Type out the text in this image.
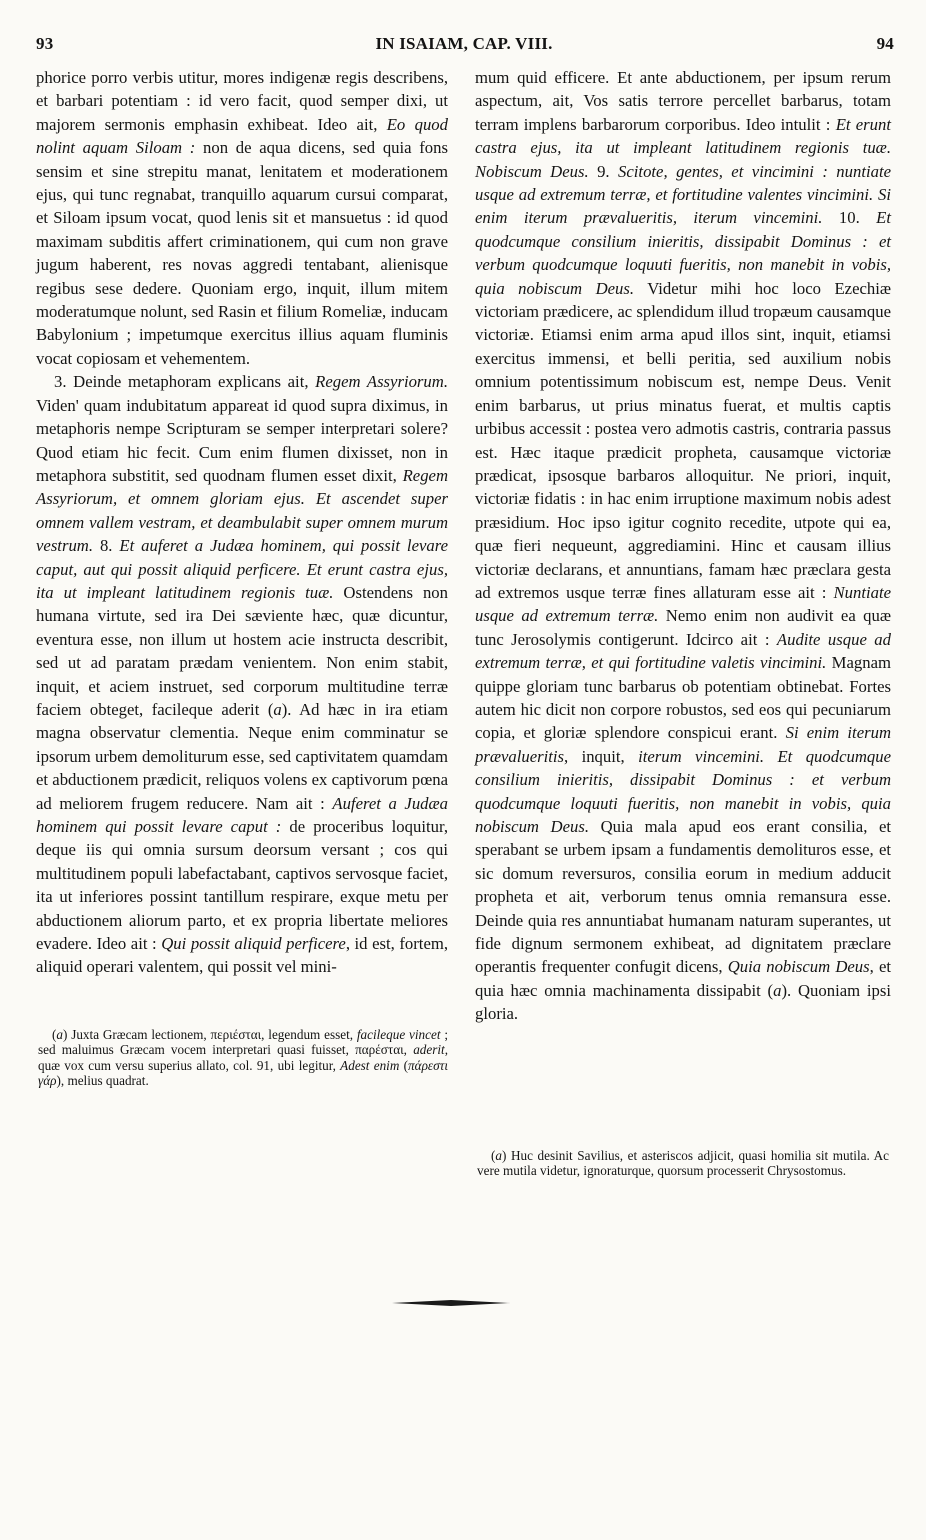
93	IN ISAIAM, CAP. VIII.	94

phorice porro verbis utitur, mores indigenæ regis describens, et barbari potentiam : id vero facit, quod semper dixi, ut majorem sermonis emphasin exhibeat. Ideo ait, Eo quod nolint aquam Siloam : non de aqua dicens, sed quia fons sensim et sine strepitu manat, lenitatem et moderationem ejus, qui tunc regnabat, tranquillo aquarum cursui comparat, et Siloam ipsum vocat, quod lenis sit et mansuetus : id quod maximam subditis affert criminationem, qui cum non grave jugum haberent, res novas aggredi tentabant, alienisque regibus sese dedere. Quoniam ergo, inquit, illum mitem moderatumque nolunt, sed Rasin et filium Romeliæ, inducam Babylonium ; impetumque exercitus illius aquam fluminis vocat copiosam et vehementem.

3. Deinde metaphoram explicans ait, Regem Assyriorum. Viden' quam indubitatum appareat id quod supra diximus, in metaphoris nempe Scripturam se semper interpretari solere? Quod etiam hic fecit. Cum enim flumen dixisset, non in metaphora substitit, sed quodnam flumen esset dixit, Regem Assyriorum, et omnem gloriam ejus. Et ascendet super omnem vallem vestram, et deambulabit super omnem murum vestrum. 8. Et auferet a Judæa hominem, qui possit levare caput, aut qui possit aliquid perficere. Et erunt castra ejus, ita ut impleant latitudinem regionis tuæ. Ostendens non humana virtute, sed ira Dei sæviente hæc, quæ dicuntur, eventura esse, non illum ut hostem acie instructa describit, sed ut ad paratam prædam venientem. Non enim stabit, inquit, et aciem instruet, sed corporum multitudine terræ faciem obteget, facileque aderit (a). Ad hæc in ira etiam magna observatur clementia. Neque enim comminatur se ipsorum urbem demoliturum esse, sed captivitatem quamdam et abductionem prædicit, reliquos volens ex captivorum pœna ad meliorem frugem reducere. Nam ait : Auferet a Judæa hominem qui possit levare caput : de proceribus loquitur, deque iis qui omnia sursum deorsum versant ; cos qui multitudinem populi labefactabant, captivos servosque faciet, ita ut inferiores possint tantillum respirare, exque metu per abductionem aliorum parto, et ex propria libertate meliores evadere. Ideo ait : Qui possit aliquid perficere, id est, fortem, aliquid operari valentem, qui possit vel mini-

(a) Juxta Græcam lectionem, περιέσται, legendum esset, facileque vincet ; sed maluimus Græcam vocem interpretari quasi fuisset, παρέσται, aderit, quæ vox cum versu superius allato, col. 91, ubi legitur, Adest enim (πάρεστι γάρ), melius quadrat.

mum quid efficere. Et ante abductionem, per ipsum rerum aspectum, ait, Vos satis terrore percellet barbarus, totam terram implens barbarorum corporibus. Ideo intulit : Et erunt castra ejus, ita ut impleant latitudinem regionis tuæ. Nobiscum Deus. 9. Scitote, gentes, et vincimini : nuntiate usque ad extremum terræ, et fortitudine valentes vincimini. Si enim iterum prævalueritis, iterum vincemini. 10. Et quodcumque consilium inieritis, dissipabit Dominus : et verbum quodcumque loquuti fueritis, non manebit in vobis, quia nobiscum Deus. Videtur mihi hoc loco Ezechiæ victoriam prædicere, ac splendidum illud tropæum causamque victoriæ. Etiamsi enim arma apud illos sint, inquit, etiamsi exercitus immensi, et belli peritia, sed auxilium nobis omnium potentissimum nobiscum est, nempe Deus. Venit enim barbarus, ut prius minatus fuerat, et multis captis urbibus accessit : postea vero admotis castris, contraria passus est. Hæc itaque prædicit propheta, causamque victoriæ prædicat, ipsosque barbaros alloquitur. Ne priori, inquit, victoriæ fidatis : in hac enim irruptione maximum nobis adest præsidium. Hoc ipso igitur cognito recedite, utpote qui ea, quæ fieri nequeunt, aggrediamini. Hinc et causam illius victoriæ declarans, et annuntians, famam hæc præclara gesta ad extremos usque terræ fines allaturam esse ait : Nuntiate usque ad extremum terræ. Nemo enim non audivit ea quæ tunc Jerosolymis contigerunt. Idcirco ait : Audite usque ad extremum terræ, et qui fortitudine valetis vincimini. Magnam quippe gloriam tunc barbarus ob potentiam obtinebat. Fortes autem hic dicit non corpore robustos, sed eos qui pecuniarum copia, et gloriæ splendore conspicui erant. Si enim iterum prævalueritis, inquit, iterum vincemini. Et quodcumque consilium inieritis, dissipabit Dominus : et verbum quodcumque loquuti fueritis, non manebit in vobis, quia nobiscum Deus. Quia mala apud eos erant consilia, et sperabant se urbem ipsam a fundamentis demolituros esse, et sic domum reversuros, consilia eorum in medium adducit propheta et ait, verborum tenus omnia remansura esse. Deinde quia res annuntiabat humanam naturam superantes, ut fide dignum sermonem exhibeat, ad dignitatem præclare operantis frequenter confugit dicens, Quia nobiscum Deus, et quia hæc omnia machinamenta dissipabit (a). Quoniam ipsi gloria.

(a) Huc desinit Savilius, et asteriscos adjicit, quasi homilia sit mutila. Ac vere mutila videtur, ignoraturque, quorsum processerit Chrysostomus.
